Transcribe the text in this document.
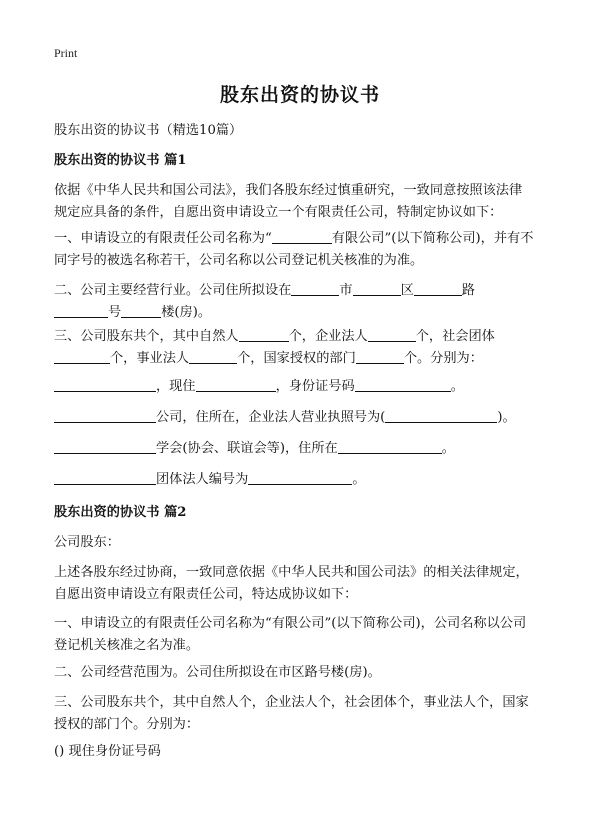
Print
股东出资的协议书
股东出资的协议书（精选10篇）
股东出资的协议书 篇1
依据《中华人民共和国公司法》，我们各股东经过慎重研究，一致同意按照该法律
规定应具备的条件，自愿出资申请设立一个有限责任公司，特制定协议如下：
一、申请设立的有限责任公司名称为“	有限公司”(以下简称公司)，并有不
同字号的被选名称若干，公司名称以公司登记机关核准的为准。
二、公司主要经营行业。公司住所拟设在	市	区	路
号	楼(房)。
三、公司股东共个，其中自然人	个，企业法人	个，社会团体
个，事业法人	个，国家授权的部门	个。分别为：
，现住	，身份证号码	。
公司，住所在，企业法人营业执照号为(	)。
学会(协会、联谊会等)，住所在	。
团体法人编号为	。
股东出资的协议书 篇2
公司股东：
上述各股东经过协商，一致同意依据《中华人民共和国公司法》的相关法律规定，
自愿出资申请设立有限责任公司，特达成协议如下：
一、申请设立的有限责任公司名称为“有限公司”(以下简称公司)，公司名称以公司
登记机关核准之名为准。
二、公司经营范围为。公司住所拟设在市区路号楼(房)。
三、公司股东共个，其中自然人个，企业法人个，社会团体个，事业法人个，国家
授权的部门个。分别为：
() 现住身份证号码
